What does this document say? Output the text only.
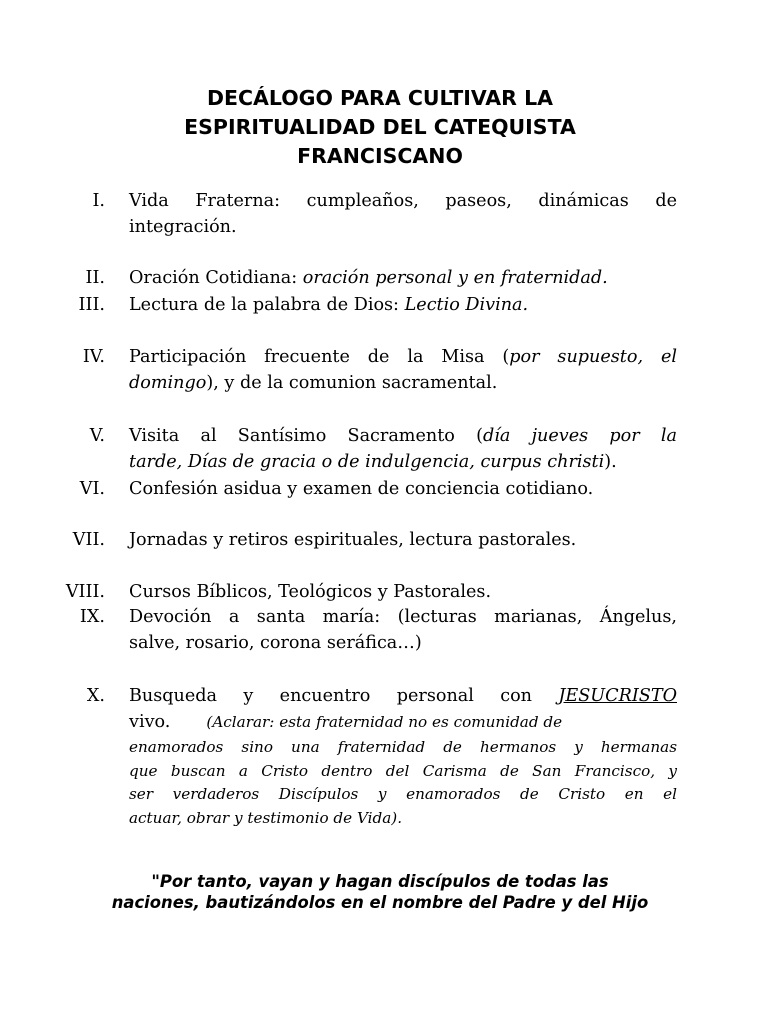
DECÁLOGO PARA CULTIVAR LA
ESPIRITUALIDAD DEL CATEQUISTA
FRANCISCANO
I. Vida Fraterna: cumpleaños, paseos, dinámicas de
integración.
II. Oración Cotidiana: oración personal y en fraternidad.
III. Lectura de la palabra de Dios: Lectio Divina.
IV. Participación frecuente de la Misa (por supuesto, el
domingo), y de la comunion sacramental.
V. Visita al Santísimo Sacramento (día jueves por la
tarde, Días de gracia o de indulgencia, curpus christi).
VI. Confesión asidua y examen de conciencia cotidiano.
VII. Jornadas y retiros espirituales, lectura pastorales.
VIII. Cursos Bíblicos, Teológicos y Pastorales.
IX. Devoción a santa maría: (lecturas marianas, Ángelus,
salve, rosario, corona seráfica…)
X. Busqueda y encuentro personal con JESUCRISTO
vivo. (Aclarar: esta fraternidad no es comunidad de
enamorados sino una fraternidad de hermanos y hermanas
que buscan a Cristo dentro del Carisma de San Francisco, y
ser verdaderos Discípulos y enamorados de Cristo en el
actuar, obrar y testimonio de Vida).
"Por tanto, vayan y hagan discípulos de todas las
naciones, bautizándolos en el nombre del Padre y del Hijo
